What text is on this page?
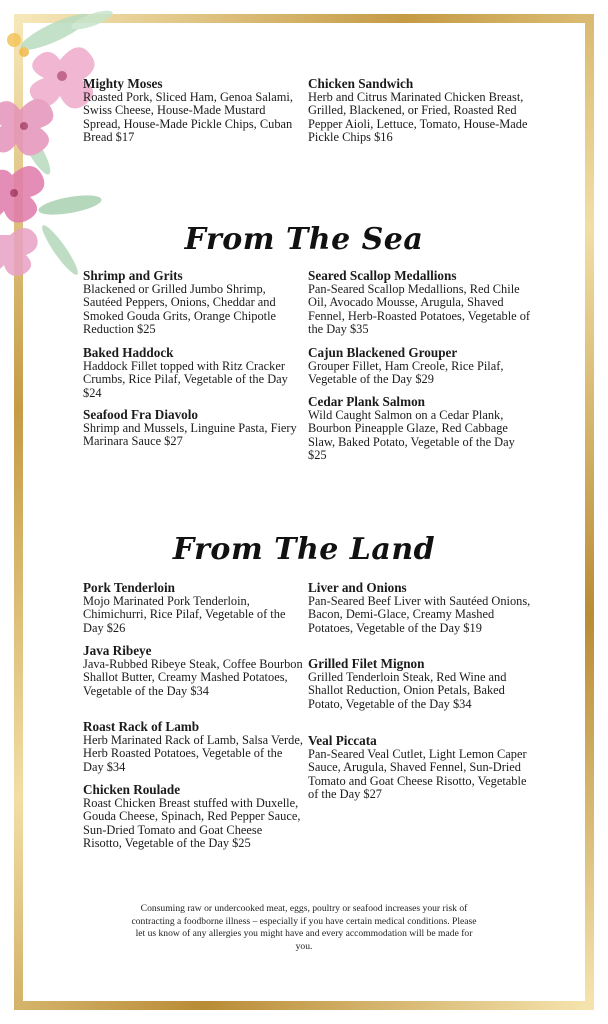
Mighty Moses
Roasted Pork, Sliced Ham, Genoa Salami, Swiss Cheese, House-Made Mustard Spread, House-Made Pickle Chips, Cuban Bread $17
Chicken Sandwich
Herb and Citrus Marinated Chicken Breast, Grilled, Blackened, or Fried, Roasted Red Pepper Aioli, Lettuce, Tomato, House-Made Pickle Chips $16
From The Sea
Shrimp and Grits
Blackened or Grilled Jumbo Shrimp, Sautéed Peppers, Onions, Cheddar and Smoked Gouda Grits, Orange Chipotle Reduction $25
Baked Haddock
Haddock Fillet topped with Ritz Cracker Crumbs, Rice Pilaf, Vegetable of the Day $24
Seafood Fra Diavolo
Shrimp and Mussels, Linguine Pasta, Fiery Marinara Sauce $27
Seared Scallop Medallions
Pan-Seared Scallop Medallions, Red Chile Oil, Avocado Mousse, Arugula, Shaved Fennel, Herb-Roasted Potatoes, Vegetable of the Day $35
Cajun Blackened Grouper
Grouper Fillet, Ham Creole, Rice Pilaf, Vegetable of the Day $29
Cedar Plank Salmon
Wild Caught Salmon on a Cedar Plank, Bourbon Pineapple Glaze, Red Cabbage Slaw, Baked Potato, Vegetable of the Day $25
From The Land
Pork Tenderloin
Mojo Marinated Pork Tenderloin, Chimichurri, Rice Pilaf, Vegetable of the Day $26
Java Ribeye
Java-Rubbed Ribeye Steak, Coffee Bourbon Shallot Butter, Creamy Mashed Potatoes, Vegetable of the Day $34
Roast Rack of Lamb
Herb Marinated Rack of Lamb, Salsa Verde, Herb Roasted Potatoes, Vegetable of the Day $34
Chicken Roulade
Roast Chicken Breast stuffed with Duxelle, Gouda Cheese, Spinach, Red Pepper Sauce, Sun-Dried Tomato and Goat Cheese Risotto, Vegetable of the Day $25
Liver and Onions
Pan-Seared Beef Liver with Sautéed Onions, Bacon, Demi-Glace, Creamy Mashed Potatoes, Vegetable of the Day $19
Grilled Filet Mignon
Grilled Tenderloin Steak, Red Wine and Shallot Reduction, Onion Petals, Baked Potato, Vegetable of the Day $34
Veal Piccata
Pan-Seared Veal Cutlet, Light Lemon Caper Sauce, Arugula, Shaved Fennel, Sun-Dried Tomato and Goat Cheese Risotto, Vegetable of the Day $27
Consuming raw or undercooked meat, eggs, poultry or seafood increases your risk of contracting a foodborne illness – especially if you have certain medical conditions. Please let us know of any allergies you might have and every accommodation will be made for you.
